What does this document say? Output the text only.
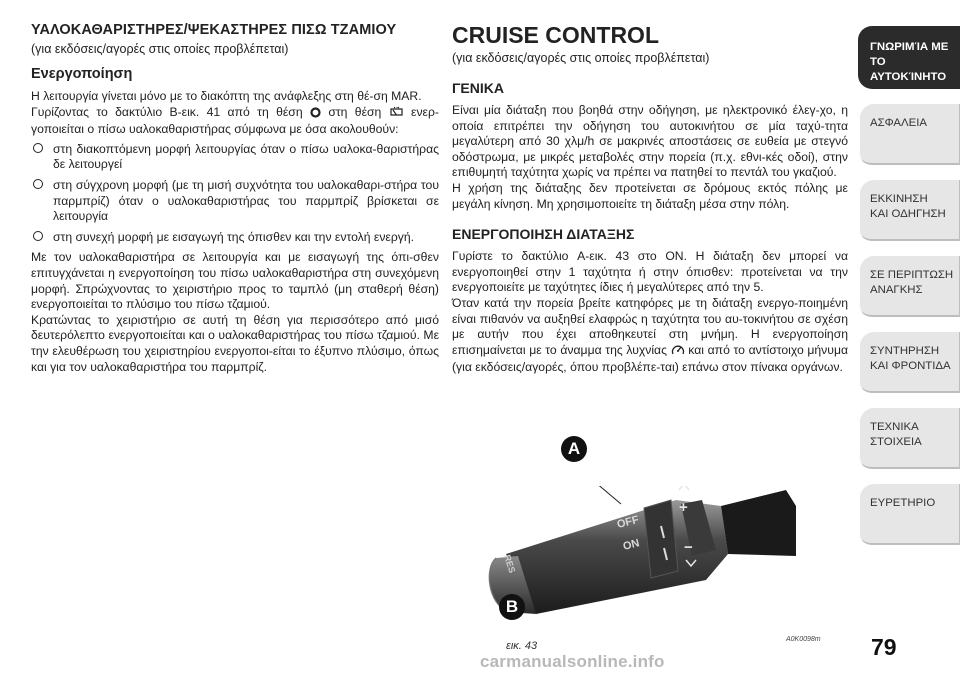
ΥΑΛΟΚΑΘΑΡΙΣΤΗΡΕΣ/ΨΕΚΑΣΤΗΡΕΣ ΠΙΣΩ ΤΖΑΜΙΟΥ

(για εκδόσεις/αγορές στις οποίες προβλέπεται)

Ενεργοποίηση

Η λειτουργία γίνεται μόνο με το διακόπτη της ανάφλεξης στη θέ-ση MAR.

Γυρίζοντας το δακτύλιο B-εικ. 41 από τη θέση στη θέση ενερ-γοποιείται ο πίσω υαλοκαθαριστήρας σύμφωνα με όσα ακολουθούν:

στη διακοπτόμενη μορφή λειτουργίας όταν ο πίσω υαλοκα-θαριστήρας δε λειτουργεί
στη σύγχρονη μορφή (με τη μισή συχνότητα του υαλοκαθαρι-στήρα του παρμπρίζ) όταν ο υαλοκαθαριστήρας του παρμπρίζ βρίσκεται σε λειτουργία
στη συνεχή μορφή με εισαγωγή της όπισθεν και την εντολή ενεργή.

Με τον υαλοκαθαριστήρα σε λειτουργία και με εισαγωγή της όπι-σθεν επιτυγχάνεται η ενεργοποίηση του πίσω υαλοκαθαριστήρα στη συνεχόμενη μορφή. Σπρώχνοντας το χειριστήριο προς το ταμπλό (μη σταθερή θέση) ενεργοποιείται το πλύσιμο του πίσω τζαμιού.

Κρατώντας το χειριστήριο σε αυτή τη θέση για περισσότερο από μισό δευτερόλεπτο ενεργοποιείται και ο υαλοκαθαριστήρας του πίσω τζαμιού. Με την ελευθέρωση του χειριστηρίου ενεργοποι-είται το έξυπνο πλύσιμο, όπως και για τον υαλοκαθαριστήρα του παρμπρίζ.

CRUISE CONTROL

(για εκδόσεις/αγορές στις οποίες προβλέπεται)

ΓΕΝΙΚΑ

Είναι μία διάταξη που βοηθά στην οδήγηση, με ηλεκτρονικό έλεγ-χο, η οποία επιτρέπει την οδήγηση του αυτοκινήτου σε μία ταχύ-τητα μεγαλύτερη από 30 χλμ/h σε μακρινές αποστάσεις σε ευθεία με στεγνό οδόστρωμα, με μικρές μεταβολές στην πορεία (π.χ. εθνι-κές οδοί), στην επιθυμητή ταχύτητα χωρίς να πρέπει να πατηθεί το πεντάλ του γκαζιού.

Η χρήση της διάταξης δεν προτείνεται σε δρόμους εκτός πόλης με μεγάλη κίνηση. Μη χρησιμοποιείτε τη διάταξη μέσα στην πόλη.

ΕΝΕΡΓΟΠΟΙΗΣΗ ΔΙΑΤΑΞΗΣ

Γυρίστε το δακτύλιο A-εικ. 43 στο ON. Η διάταξη δεν μπορεί να ενεργοποιηθεί στην 1 ταχύτητα ή στην όπισθεν: προτείνεται να την ενεργοποιείτε με ταχύτητες ίδιες ή μεγαλύτερες από την 5.

Όταν κατά την πορεία βρείτε κατηφόρες με τη διάταξη ενεργο-ποιημένη είναι πιθανόν να αυξηθεί ελαφρώς η ταχύτητα του αυ-τοκινήτου σε σχέση με αυτήν που έχει αποθηκευτεί στη μνήμη. Η ενεργοποίηση επισημαίνεται με το άναμμα της λυχνίας και από το αντίστοιχο μήνυμα (για εκδόσεις/αγορές, όπου προβλέπε-ται) επάνω στον πίνακα οργάνων.

OFF
ON
RES
+
−
A
B
εικ. 43
A0K0098m
ΓΝΩΡΙΜΊΑ ΜΕ ΤΟ
ΑΥΤΟΚΊΝΗΤΟ
ΑΣΦΑΛΕΙΑ
ΕΚΚΙΝΗΣΗ
ΚΑΙ ΟΔΗΓΗΣΗ
ΣΕ ΠΕΡΙΠΤΩΣΗ
ΑΝΑΓΚΗΣ
ΣΥΝΤΗΡΗΣΗ
ΚΑΙ ΦΡΟΝΤΙΔΑ
ΤΕΧΝΙΚΑ
ΣΤΟΙΧΕΙΑ
ΕΥΡΕΤΗΡΙΟ
79
carmanualsonline.info
